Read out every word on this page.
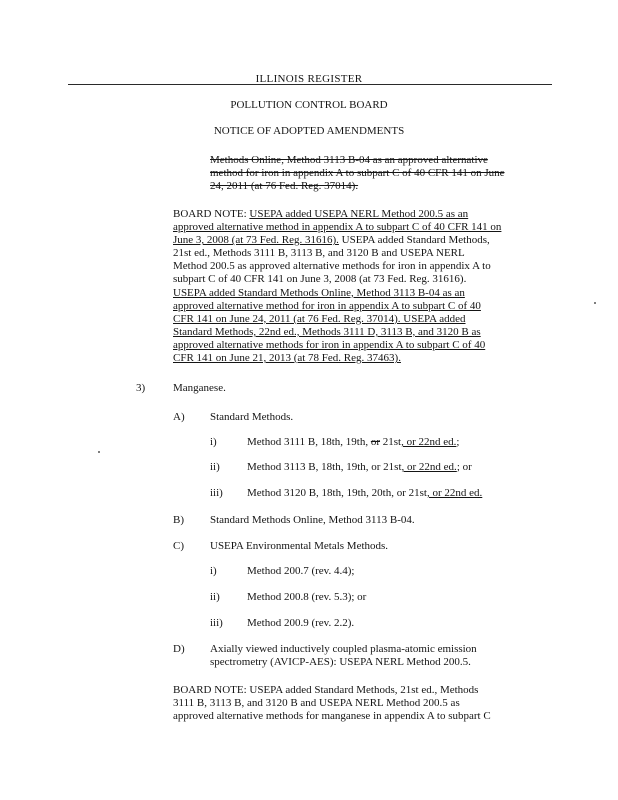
ILLINOIS REGISTER
POLLUTION CONTROL BOARD
NOTICE OF ADOPTED AMENDMENTS
Methods Online, Method 3113 B-04 as an approved alternative
method for iron in appendix A to subpart C of 40 CFR 141 on June
24, 2011 (at 76 Fed. Reg. 37014).
BOARD NOTE: USEPA added USEPA NERL Method 200.5 as an
approved alternative method in appendix A to subpart C of 40 CFR 141 on
June 3, 2008 (at 73 Fed. Reg. 31616). USEPA added Standard Methods,
21st ed., Methods 3111 B, 3113 B, and 3120 B and USEPA NERL
Method 200.5 as approved alternative methods for iron in appendix A to
subpart C of 40 CFR 141 on June 3, 2008 (at 73 Fed. Reg. 31616).
USEPA added Standard Methods Online, Method 3113 B-04 as an
approved alternative method for iron in appendix A to subpart C of 40
CFR 141 on June 24, 2011 (at 76 Fed. Reg. 37014). USEPA added
Standard Methods, 22nd ed., Methods 3111 D, 3113 B, and 3120 B as
approved alternative methods for iron in appendix A to subpart C of 40
CFR 141 on June 21, 2013 (at 78 Fed. Reg. 37463).
3)	Manganese.
A) Standard Methods.
i)	Method 3111 B, 18th, 19th, or 21st, or 22nd ed.;
ii) Method 3113 B, 18th, 19th, or 21st, or 22nd ed.; or
iii) Method 3120 B, 18th, 19th, 20th, or 21st, or 22nd ed.
B) Standard Methods Online, Method 3113 B-04.
C) USEPA Environmental Metals Methods.
i)	Method 200.7 (rev. 4.4);
ii) Method 200.8 (rev. 5.3); or
iii) Method 200.9 (rev. 2.2).
D) Axially viewed inductively coupled plasma-atomic emission
spectrometry (AVICP-AES): USEPA NERL Method 200.5.
BOARD NOTE: USEPA added Standard Methods, 21st ed., Methods
3111 B, 3113 B, and 3120 B and USEPA NERL Method 200.5 as
approved alternative methods for manganese in appendix A to subpart C
